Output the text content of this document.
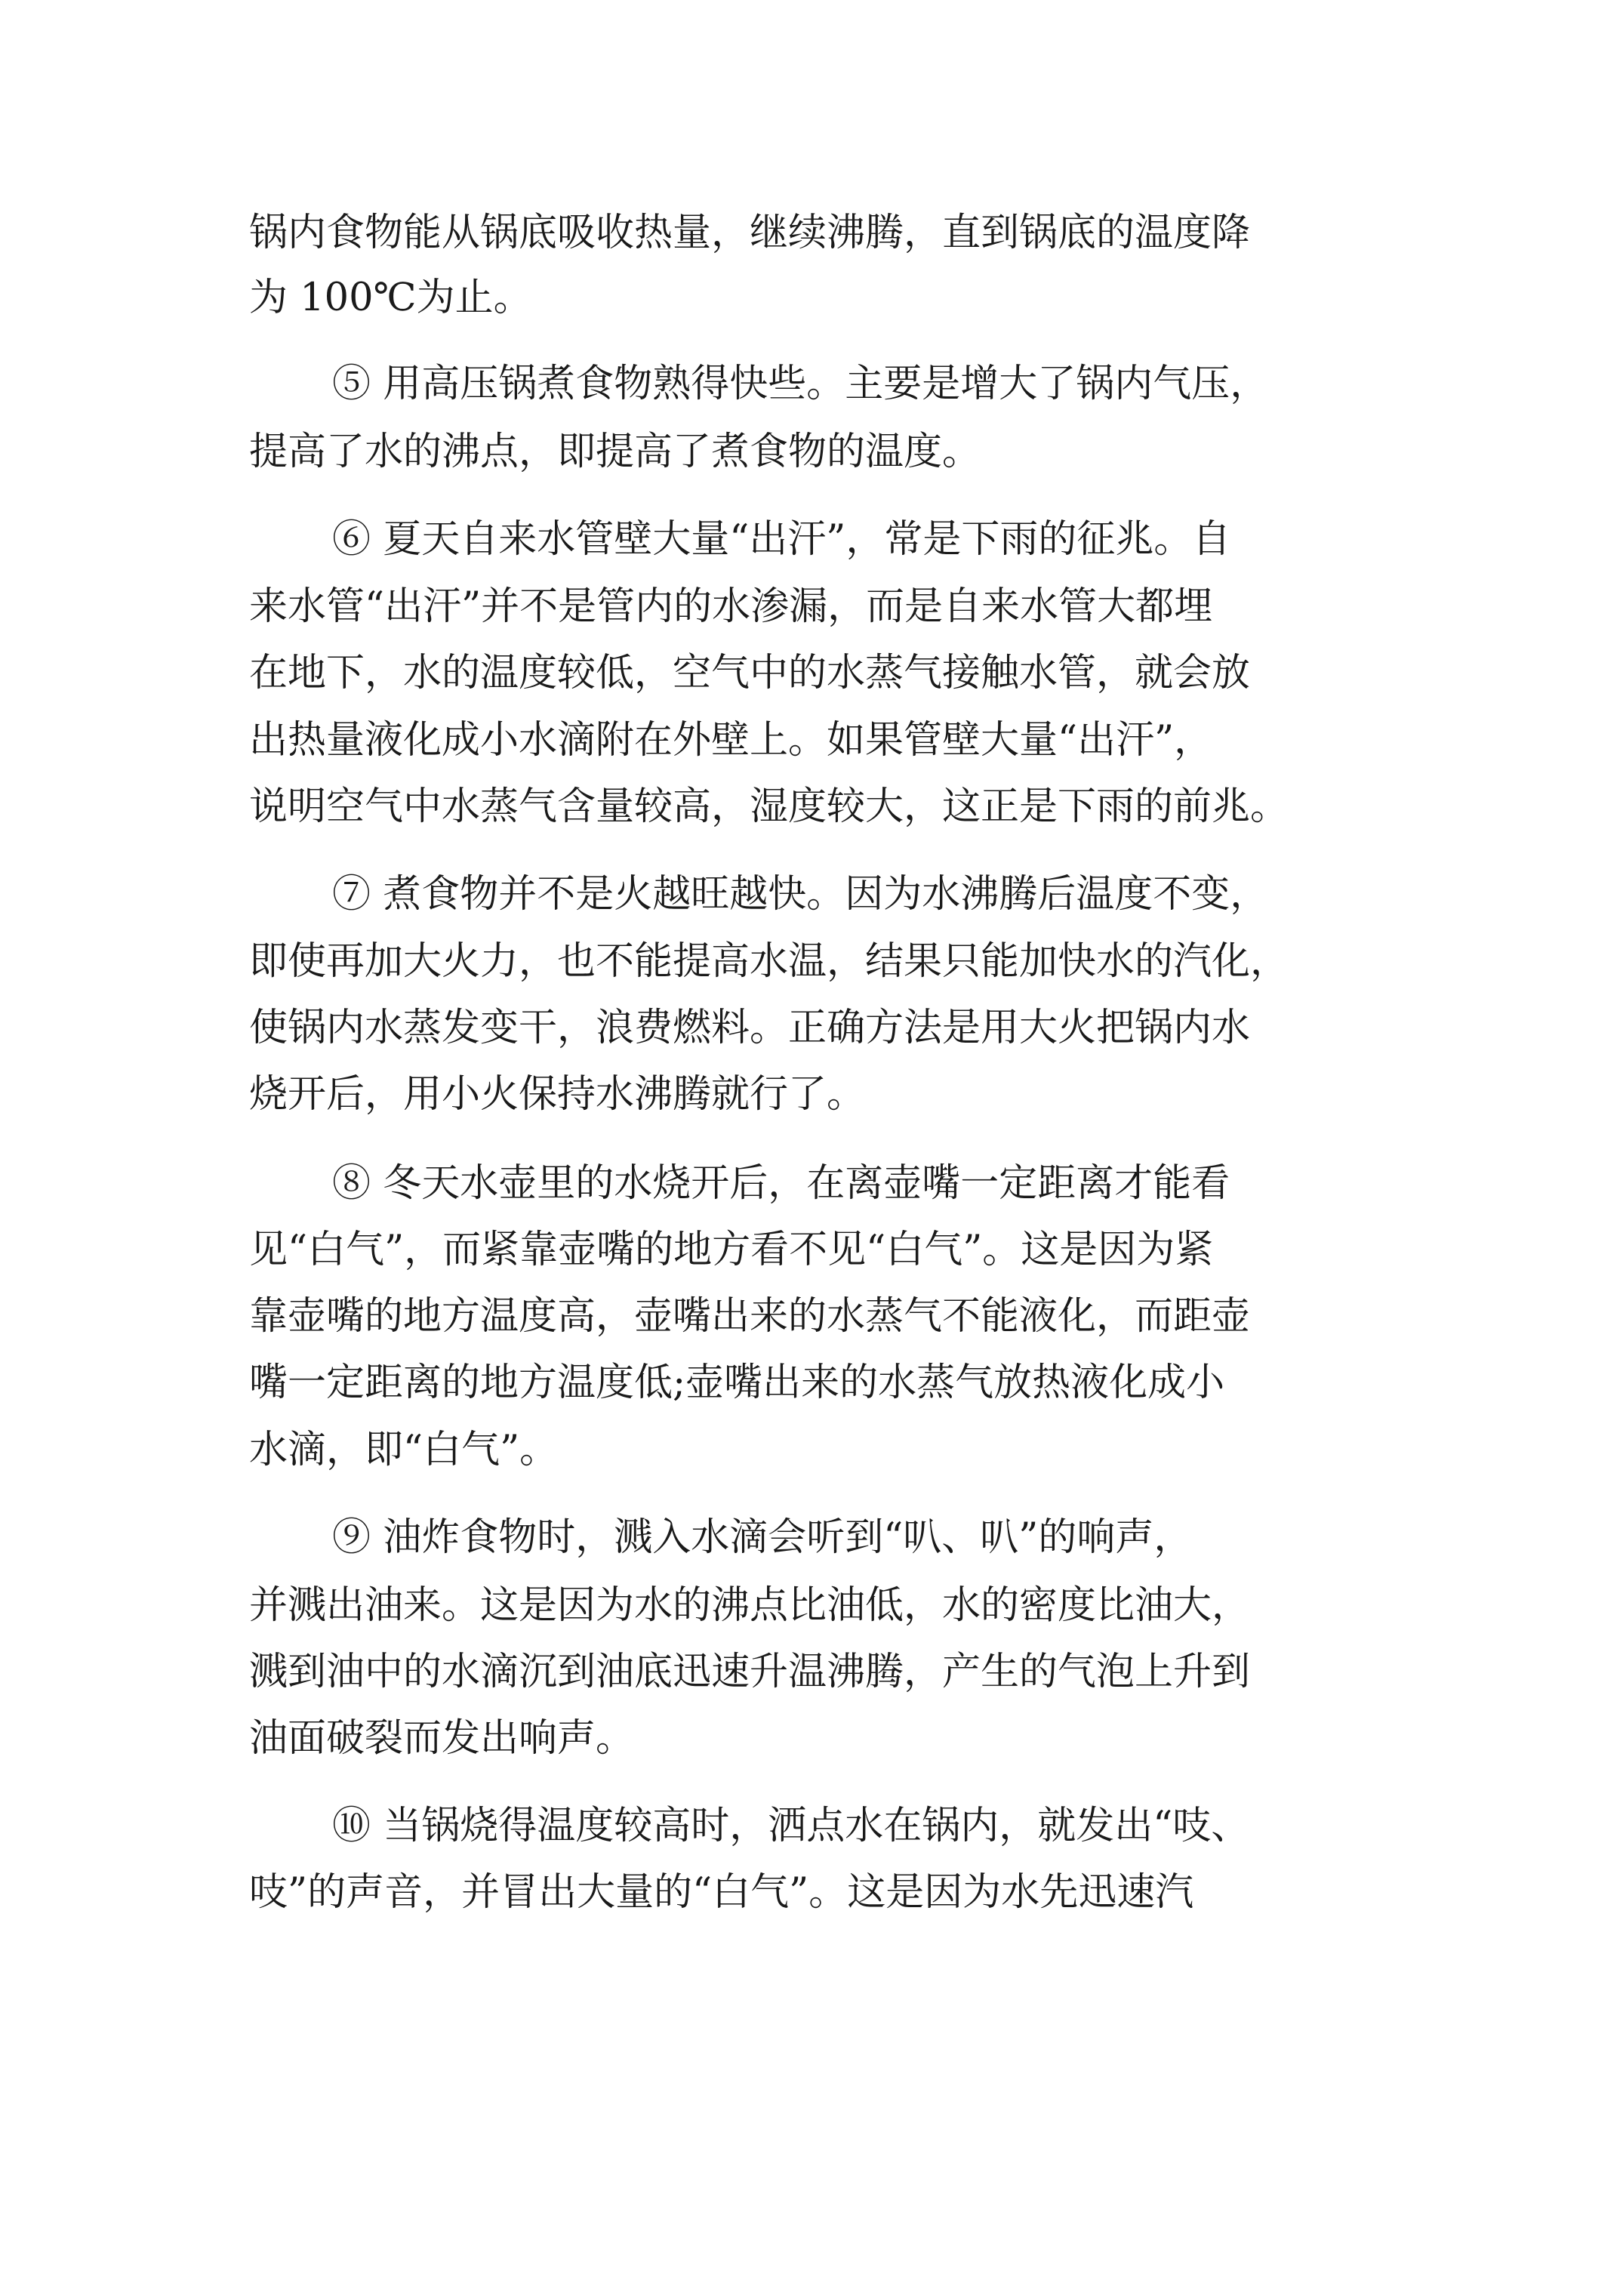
锅内食物能从锅底吸收热量，继续沸腾，直到锅底的温度降
为 100℃为止。
⑤ 用高压锅煮食物熟得快些。主要是增大了锅内气压，
提高了水的沸点，即提高了煮食物的温度。
⑥ 夏天自来水管壁大量“出汗”，常是下雨的征兆。自
来水管“出汗”并不是管内的水渗漏，而是自来水管大都埋
在地下，水的温度较低，空气中的水蒸气接触水管，就会放
出热量液化成小水滴附在外壁上。如果管壁大量“出汗”，
说明空气中水蒸气含量较高，湿度较大，这正是下雨的前兆。
⑦ 煮食物并不是火越旺越快。因为水沸腾后温度不变，
即使再加大火力，也不能提高水温，结果只能加快水的汽化，
使锅内水蒸发变干，浪费燃料。正确方法是用大火把锅内水
烧开后，用小火保持水沸腾就行了。
⑧ 冬天水壶里的水烧开后，在离壶嘴一定距离才能看
见“白气”，而紧靠壶嘴的地方看不见“白气”。这是因为紧
靠壶嘴的地方温度高，壶嘴出来的水蒸气不能液化，而距壶
嘴一定距离的地方温度低;壶嘴出来的水蒸气放热液化成小
水滴，即“白气”。
⑨ 油炸食物时，溅入水滴会听到“叭、叭”的响声，
并溅出油来。这是因为水的沸点比油低，水的密度比油大，
溅到油中的水滴沉到油底迅速升温沸腾，产生的气泡上升到
油面破裂而发出响声。
⑩ 当锅烧得温度较高时，洒点水在锅内，就发出“吱、
吱”的声音，并冒出大量的“白气”。这是因为水先迅速汽
